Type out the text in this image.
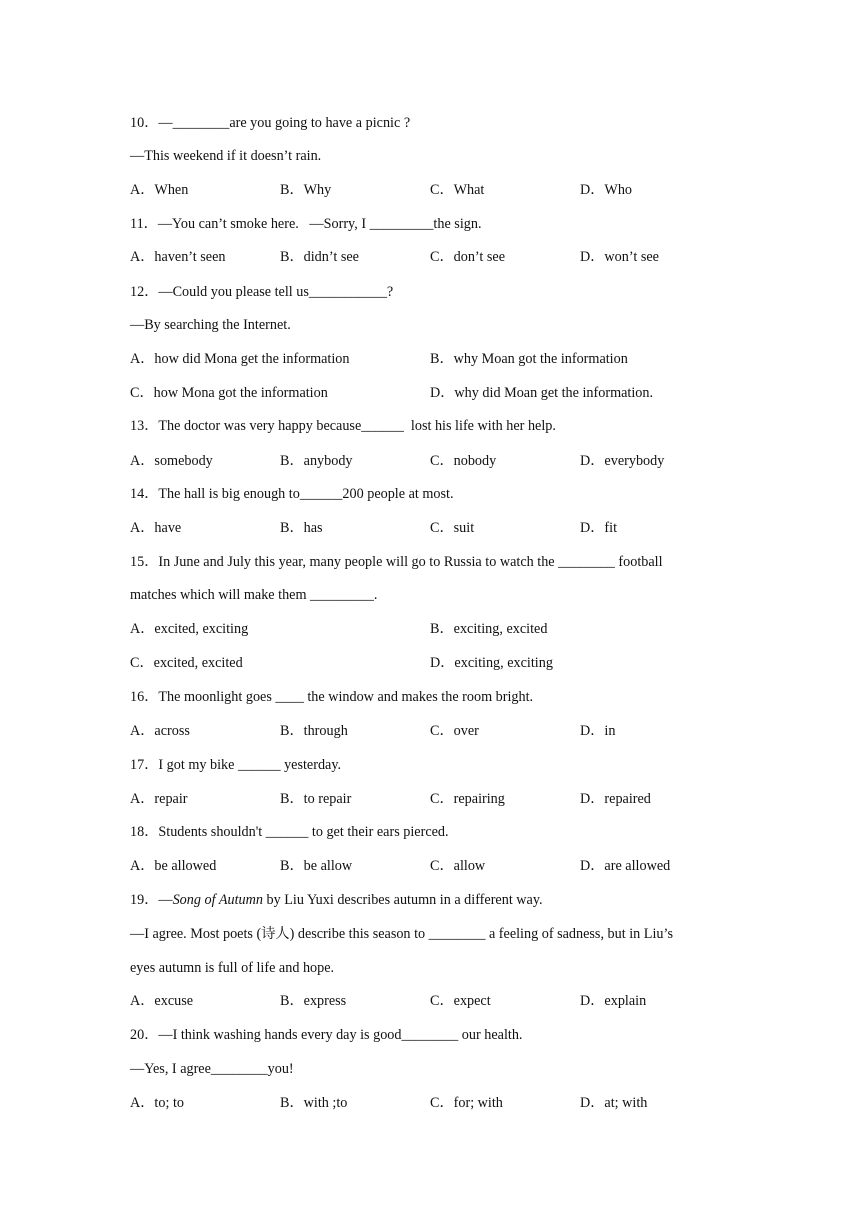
10．—________are you going to have a picnic ?
—This weekend if it doesn’t rain.

A．When

	B．Why

	C．What

	D．Who

11．—You can’t smoke here.   —Sorry, I _________the sign.

A．haven’t seen

	B．didn’t see

	C．don’t see

	D．won’t see

12．—Could you please tell us___________?
—By searching the Internet.

A．how did Mona get the information

	B．why Moan got the information

C．how Mona got the information

	D．why did Moan get the information.

13．The doctor was very happy because______  lost his life with her help.

A．somebody

	B．anybody

	C．nobody

	D．everybody

14．The hall is big enough to______200 people at most.

A．have

	B．has

	C．suit

	D．fit

15．In June and July this year, many people will go to Russia to watch the ________ football
matches which will make them _________.

A．excited, exciting

	B．exciting, excited

C．excited, excited

	D．exciting, exciting

16．The moonlight goes ____ the window and makes the room bright.

A．across

	B．through

	C．over

	D．in

17．I got my bike ______ yesterday.

A．repair

	B．to repair

	C．repairing

	D．repaired

18．Students shouldn't ______ to get their ears pierced.

A．be allowed

	B．be allow

	C．allow

	D．are allowed

19．—Song of Autumn by Liu Yuxi describes autumn in a different way.
—I agree. Most poets (诗人) describe this season to ________ a feeling of sadness, but in Liu’s
eyes autumn is full of life and hope.

A．excuse

	B．express

	C．expect

	D．explain

20．—I think washing hands every day is good________ our health.
—Yes, I agree________you!

A．to; to

	B．with ;to

	C．for; with

	D．at; with
